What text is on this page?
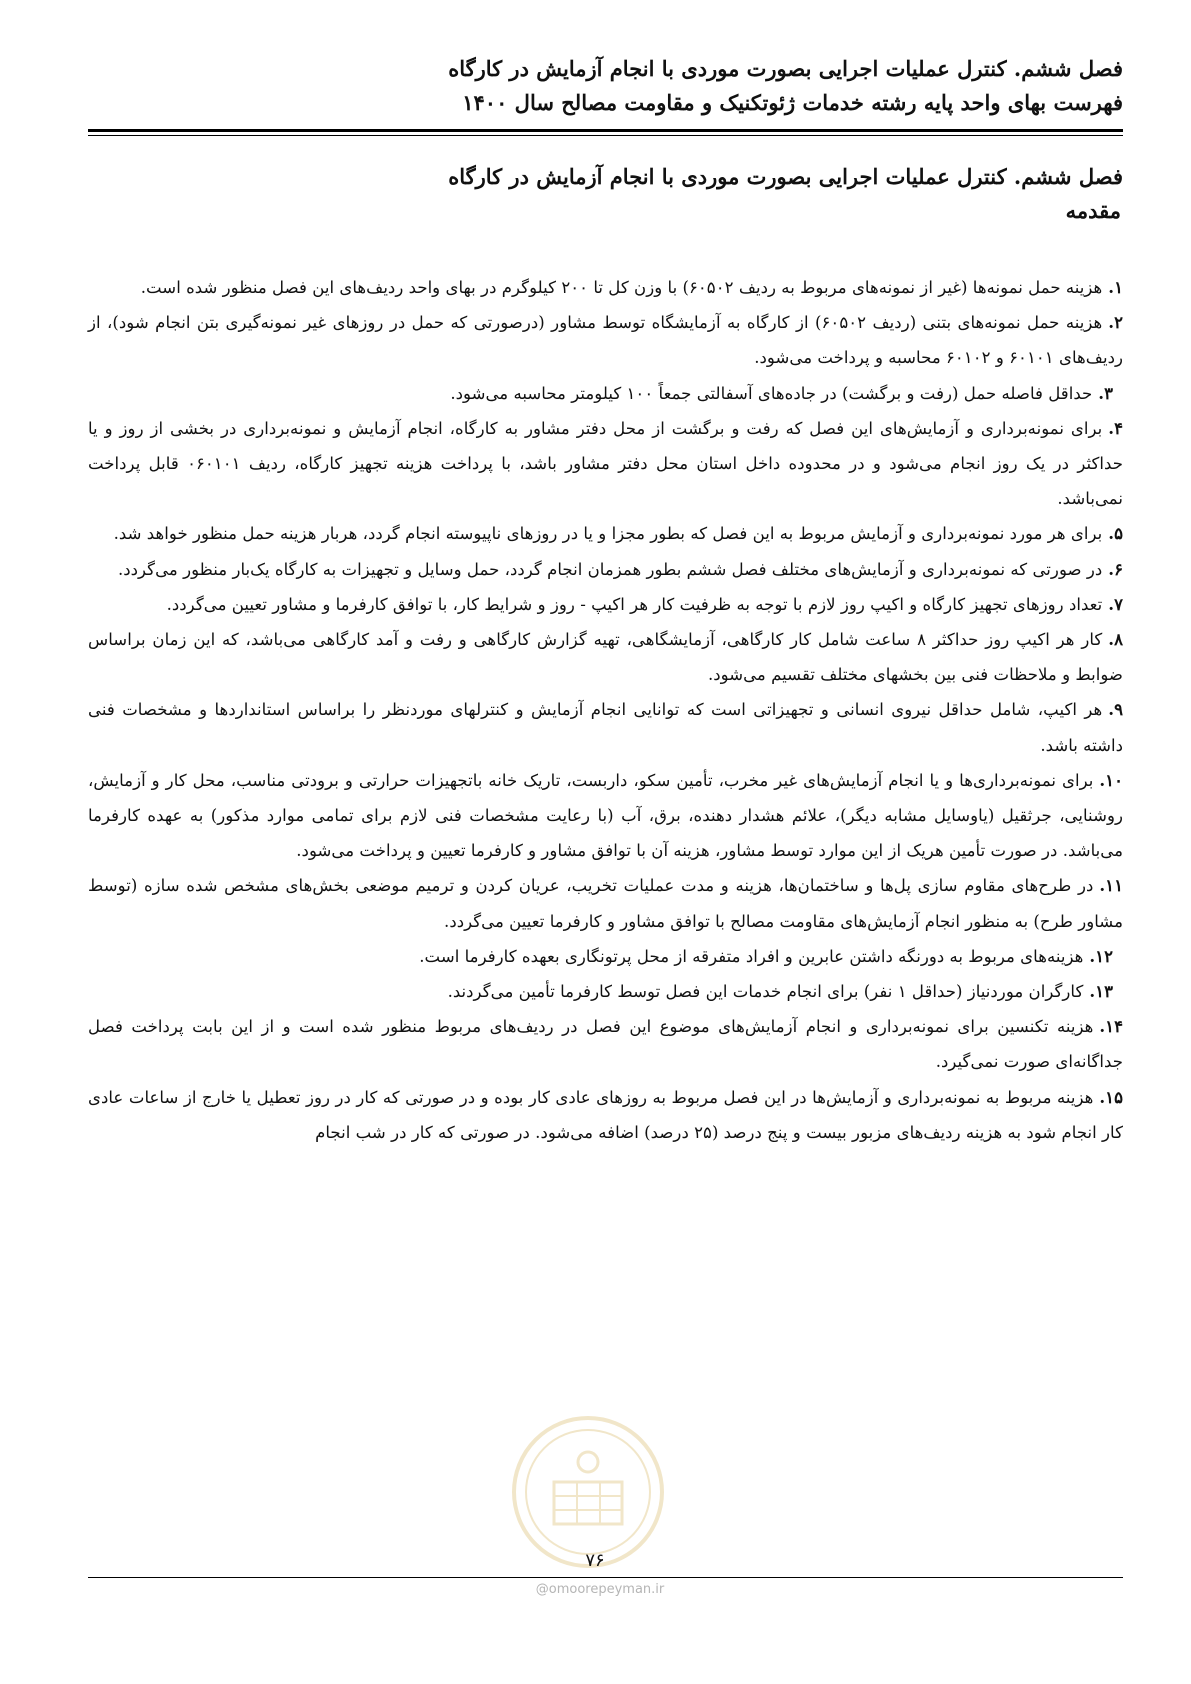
فصل ششم. کنترل عملیات اجرایی بصورت موردی با انجام آزمایش در کارگاه
فهرست بهای واحد پایه رشته خدمات ژئوتکنیک و مقاومت مصالح سال ۱۴۰۰
فصل ششم. کنترل عملیات اجرایی بصورت موردی با انجام آزمایش در کارگاه
مقدمه

۱.هزینه حمل نمونه‌ها (غیر از نمونه‌های مربوط به ردیف ۶۰۵۰۲) با وزن کل تا ۲۰۰ کیلوگرم در بهای واحد ردیف‌های این فصل منظور شده است.

۲.هزینه حمل نمونه‌های بتنی (ردیف ۶۰۵۰۲) از کارگاه به آزمایشگاه توسط مشاور (درصورتی که حمل در روزهای غیر نمونه‌گیری بتن انجام شود)، از ردیف‌های ۶۰۱۰۱ و ۶۰۱۰۲ محاسبه و پرداخت می‌شود.

۳.حداقل فاصله حمل (رفت و برگشت) در جاده‌های آسفالتی جمعاً ۱۰۰ کیلومتر محاسبه می‌شود.

۴.برای نمونه‌برداری و آزمایش‌های این فصل که رفت و برگشت از محل دفتر مشاور به کارگاه، انجام آزمایش و نمونه‌برداری در بخشی از روز و یا حداکثر در یک روز انجام می‌شود و در محدوده داخل استان محل دفتر مشاور باشد، با پرداخت هزینه تجهیز کارگاه، ردیف ۰۶۰۱۰۱ قابل پرداخت نمی‌باشد.

۵.برای هر مورد نمونه‌برداری و آزمایش مربوط به این فصل که بطور مجزا و یا در روزهای ناپیوسته انجام گردد، هربار هزینه حمل منظور خواهد شد.

۶.در صورتی که نمونه‌برداری و آزمایش‌های مختلف فصل ششم بطور همزمان انجام گردد، حمل وسایل و تجهیزات به کارگاه یک‌بار منظور می‌گردد.

۷.تعداد روزهای تجهیز کارگاه و اکیپ روز لازم با توجه به ظرفیت کار هر اکیپ - روز و شرایط کار، با توافق کارفرما و مشاور تعیین می‌گردد.

۸.کار هر اکیپ روز حداکثر ۸ ساعت شامل کار کارگاهی، آزمایشگاهی، تهیه گزارش کارگاهی و رفت و آمد کارگاهی می‌باشد، که این زمان براساس ضوابط و ملاحظات فنی بین بخشهای مختلف تقسیم می‌شود.

۹.هر اکیپ، شامل حداقل نیروی انسانی و تجهیزاتی است که توانایی انجام آزمایش و کنترلهای موردنظر را براساس استانداردها و مشخصات فنی داشته باشد.

۱۰.برای نمونه‌برداری‌ها و یا انجام آزمایش‌های غیر مخرب، تأمین سکو، داربست، تاریک خانه باتجهیزات حرارتی و برودتی مناسب، محل کار و آزمایش، روشنایی، جرثقیل (یاوسایل مشابه دیگر)، علائم هشدار دهنده، برق، آب (با رعایت مشخصات فنی لازم برای تمامی موارد مذکور) به عهده کارفرما می‌باشد. در صورت تأمین هریک از این موارد توسط مشاور، هزینه آن با توافق مشاور و کارفرما تعیین و پرداخت می‌شود.

۱۱.در طرح‌های مقاوم سازی پل‌ها و ساختمان‌ها، هزینه و مدت عملیات تخریب، عریان کردن و ترمیم موضعی بخش‌های مشخص شده سازه (توسط مشاور طرح) به منظور انجام آزمایش‌های مقاومت مصالح با توافق مشاور و کارفرما تعیین می‌گردد.

۱۲.هزینه‌های مربوط به دورنگه داشتن عابرین و افراد متفرقه از محل پرتونگاری بعهده کارفرما است.

۱۳.کارگران موردنیاز (حداقل ۱ نفر) برای انجام خدمات این فصل توسط کارفرما تأمین می‌گردند.

۱۴.هزینه تکنسین برای نمونه‌برداری و انجام آزمایش‌های موضوع این فصل در ردیف‌های مربوط منظور شده است و از این بابت پرداخت فصل جداگانه‌ای صورت نمی‌گیرد.

۱۵.هزینه مربوط به نمونه‌برداری و آزمایش‌ها در این فصل مربوط به روزهای عادی کار بوده و در صورتی که کار در روز تعطیل یا خارج از ساعات عادی کار انجام شود به هزینه ردیف‌های مزبور بیست و پنج درصد (۲۵ درصد) اضافه می‌شود. در صورتی که کار در شب انجام

۷۶
@omoorepeyman.ir
